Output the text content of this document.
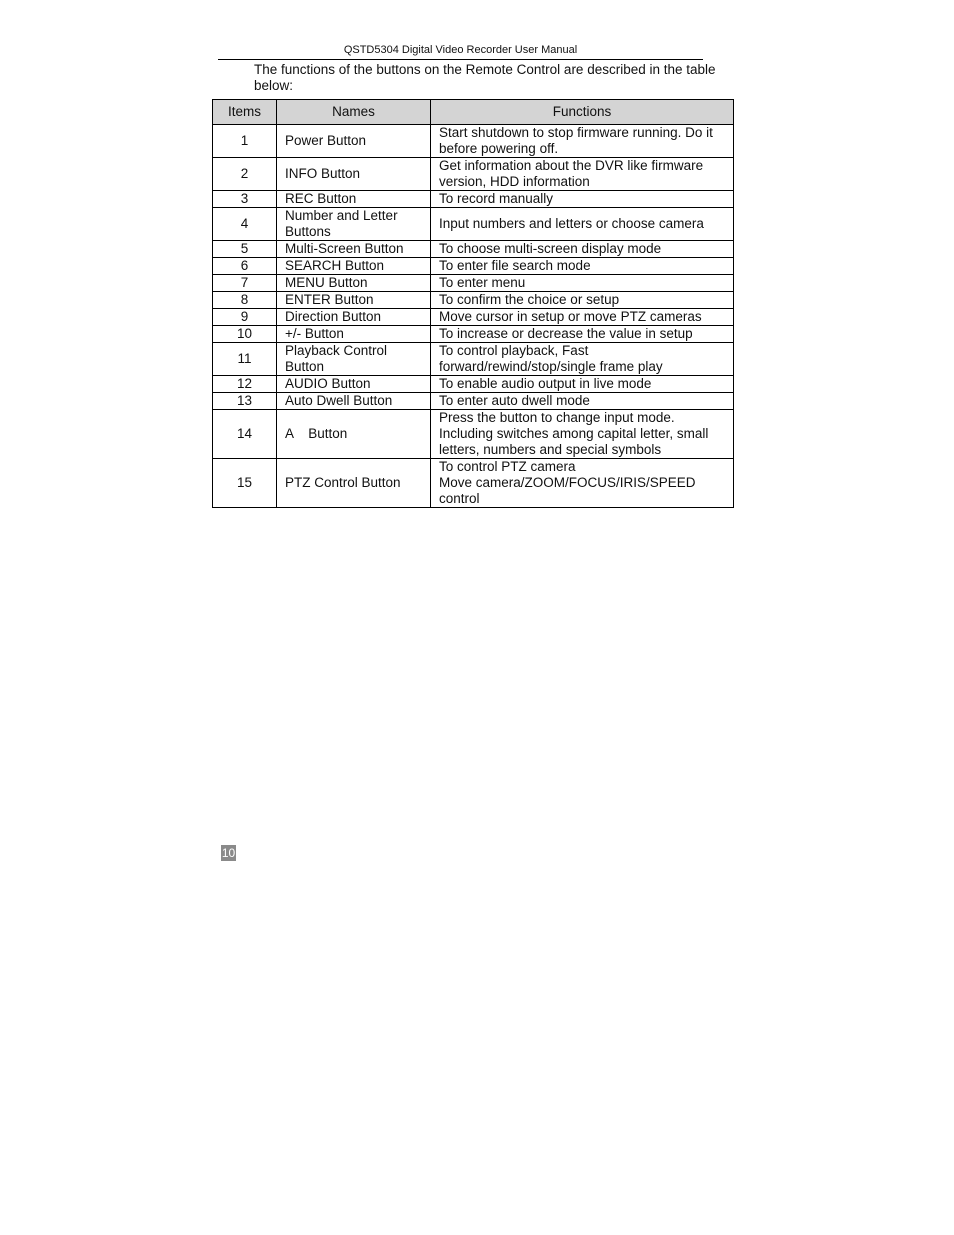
QSTD5304 Digital Video Recorder User Manual
The functions of the buttons on the Remote Control are described in the table below:
Items	Names	Functions
1	Power Button	Start shutdown to stop firmware running. Do it before powering off.
2	INFO Button	Get information about the DVR like firmware version, HDD information
3	REC Button	To record manually
4	Number and Letter Buttons	Input numbers and letters or choose camera
5	Multi-Screen Button	To choose multi-screen display mode
6	SEARCH Button	To enter file search mode
7	MENU Button	To enter menu
8	ENTER Button	To confirm the choice or setup
9	Direction Button	Move cursor in setup or move PTZ cameras
10	+/- Button	To increase or decrease the value in setup
11	Playback Control Button	To control playback, Fast forward/rewind/stop/single frame play
12	AUDIO Button	To enable audio output in live mode
13	Auto Dwell Button	To enter auto dwell mode
14	A    Button	Press the button to change input mode. Including switches among capital letter, small letters, numbers and special symbols
15	PTZ Control Button	To control PTZ camera
Move camera/ZOOM/FOCUS/IRIS/SPEED control
10
